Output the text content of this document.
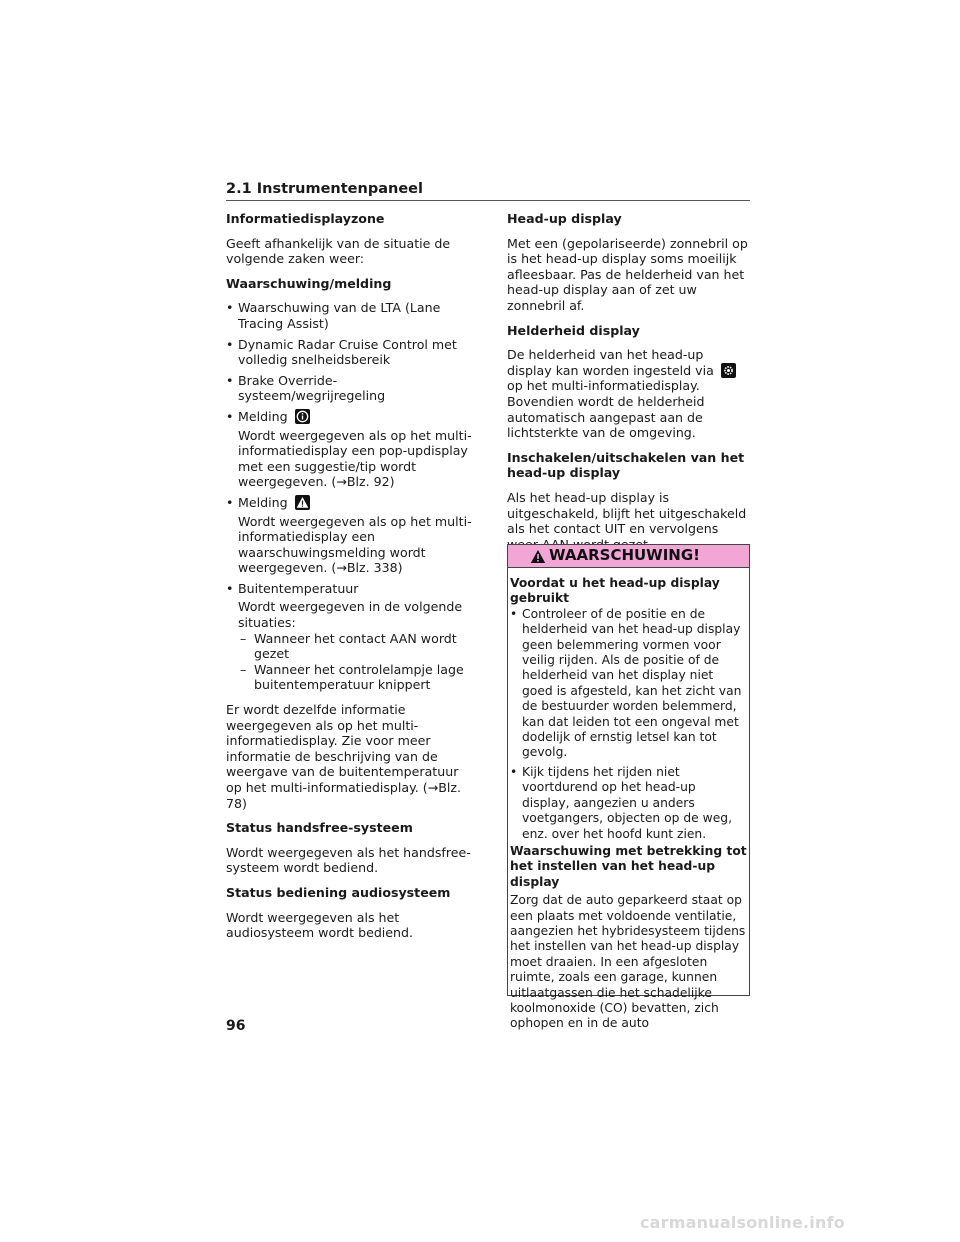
2.1 Instrumentenpaneel
Informatiedisplayzone
Geeft afhankelijk van de situatie de volgende zaken weer:
Waarschuwing/melding
• Waarschuwing van de LTA (Lane Tracing Assist)
• Dynamic Radar Cruise Control met volledig snelheidsbereik
• Brake Override-systeem/wegrijregeling
• Melding
Wordt weergegeven als op het multi-informatiedisplay een pop-updisplay met een suggestie/tip wordt weergegeven. (→Blz. 92)
• Melding
Wordt weergegeven als op het multi-informatiedisplay een waarschuwingsmelding wordt weergegeven. (→Blz. 338)
• Buitentemperatuur
Wordt weergegeven in de volgende situaties:
– Wanneer het contact AAN wordt gezet
– Wanneer het controlelampje lage buitentemperatuur knippert
Er wordt dezelfde informatie weergegeven als op het multi-informatiedisplay. Zie voor meer informatie de beschrijving van de weergave van de buitentemperatuur op het multi-informatiedisplay. (→Blz. 78)
Status handsfree-systeem
Wordt weergegeven als het handsfree-systeem wordt bediend.
Status bediening audiosysteem
Wordt weergegeven als het audiosysteem wordt bediend.
Head-up display
Met een (gepolariseerde) zonnebril op is het head-up display soms moeilijk afleesbaar. Pas de helderheid van het head-up display aan of zet uw zonnebril af.
Helderheid display
De helderheid van het head-up display kan worden ingesteld via
op het multi-informatiedisplay. Bovendien wordt de helderheid automatisch aangepast aan de lichtsterkte van de omgeving.
Inschakelen/uitschakelen van het head-up display
Als het head-up display is uitgeschakeld, blijft het uitgeschakeld als het contact UIT en vervolgens
WAARSCHUWING!
Voordat u het head-up display gebruikt
• Controleer of de positie en de helderheid van het head-up display geen belemmering vormen voor veilig rijden. Als de positie of de helderheid van het display niet goed is afgesteld, kan het zicht van de bestuurder worden belemmerd, kan dat leiden tot een ongeval met dodelijk of ernstig letsel kan tot gevolg.
• Kijk tijdens het rijden niet voortdurend op het head-up display, aangezien u anders voetgangers, objecten op de weg, enz. over het hoofd kunt zien.
Waarschuwing met betrekking tot het instellen van het head-up display
Zorg dat de auto geparkeerd staat op een plaats met voldoende ventilatie, aangezien het hybridesysteem tijdens het instellen van het head-up display moet draaien. In een afgesloten ruimte, zoals een garage, kunnen uitlaatgassen die het schadelijke koolmonoxide (CO) bevatten, zich ophopen en in de auto
96
carmanualsonline.info
